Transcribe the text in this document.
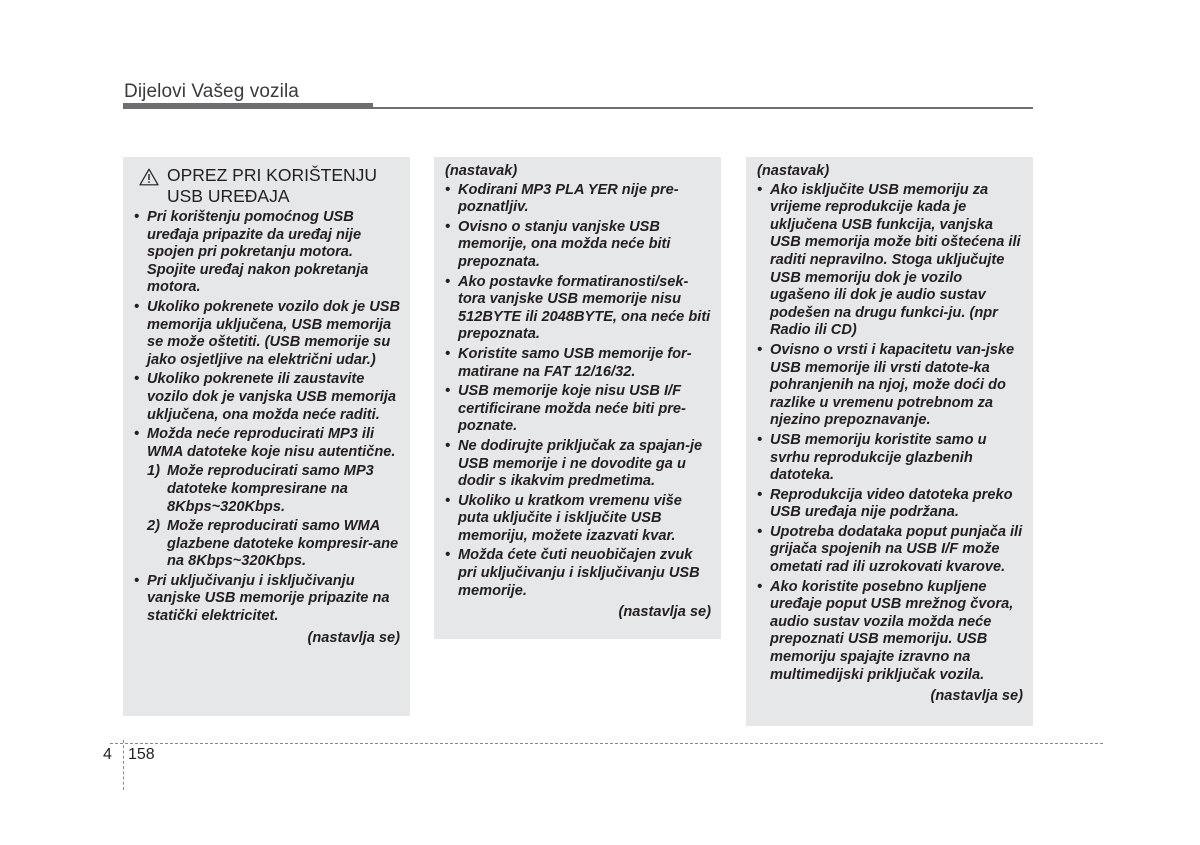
Dijelovi Vašeg vozila
OPREZ PRI KORIŠTENJU USB UREĐAJA
• Pri korištenju pomoćnog USB uređaja pripazite da uređaj nije spojen pri pokretanju motora. Spojite uređaj nakon pokretanja motora.
• Ukoliko pokrenete vozilo dok je USB memorija uključena, USB memorija se može oštetiti. (USB memorije su jako osjetljive na električni udar.)
• Ukoliko pokrenete ili zaustavite vozilo dok je vanjska USB memorija uključena, ona možda neće raditi.
• Možda neće reproducirati MP3 ili WMA datoteke koje nisu autentične.
1) Može reproducirati samo MP3 datoteke kompresirane na 8Kbps~320Kbps.
2) Može reproducirati samo WMA glazbene datoteke kompresir-ane na 8Kbps~320Kbps.
• Pri uključivanju i isključivanju vanjske USB memorije pripazite na statički elektricitet.
(nastavlja se)
(nastavak)
• Kodirani MP3 PLA YER nije pre-poznatljiv.
• Ovisno o stanju vanjske USB memorije, ona možda neće biti prepoznata.
• Ako postavke formatiranosti/sek-tora vanjske USB memorije nisu 512BYTE ili 2048BYTE, ona neće biti prepoznata.
• Koristite samo USB memorije for-matirane na FAT 12/16/32.
• USB memorije koje nisu USB I/F certificirane možda neće biti pre-poznate.
• Ne dodirujte priključak za spajan-je USB memorije i ne dovodite ga u dodir s ikakvim predmetima.
• Ukoliko u kratkom vremenu više puta uključite i isključite USB memoriju, možete izazvati kvar.
• Možda ćete čuti neuobičajen zvuk pri uključivanju i isključivanju USB memorije.
(nastavlja se)
(nastavak)
• Ako isključite USB memoriju za vrijeme reprodukcije kada je uključena USB funkcija, vanjska USB memorija može biti oštećena ili raditi nepravilno. Stoga uključujte USB memoriju dok je vozilo ugašeno ili dok je audio sustav podešen na drugu funkci-ju. (npr Radio ili CD)
• Ovisno o vrsti i kapacitetu van-jske USB memorije ili vrsti datote-ka pohranjenih na njoj, može doći do razlike u vremenu potrebnom za njezino prepoznavanje.
• USB memoriju koristite samo u svrhu reprodukcije glazbenih datoteka.
• Reprodukcija video datoteka preko USB uređaja nije podržana.
• Upotreba dodataka poput punjača ili grijača spojenih na USB I/F može ometati rad ili uzrokovati kvarove.
• Ako koristite posebno kupljene uređaje poput USB mrežnog čvora, audio sustav vozila možda neće prepoznati USB memoriju. USB memoriju spajajte izravno na multimedijski priključak vozila.
(nastavlja se)
4 158
